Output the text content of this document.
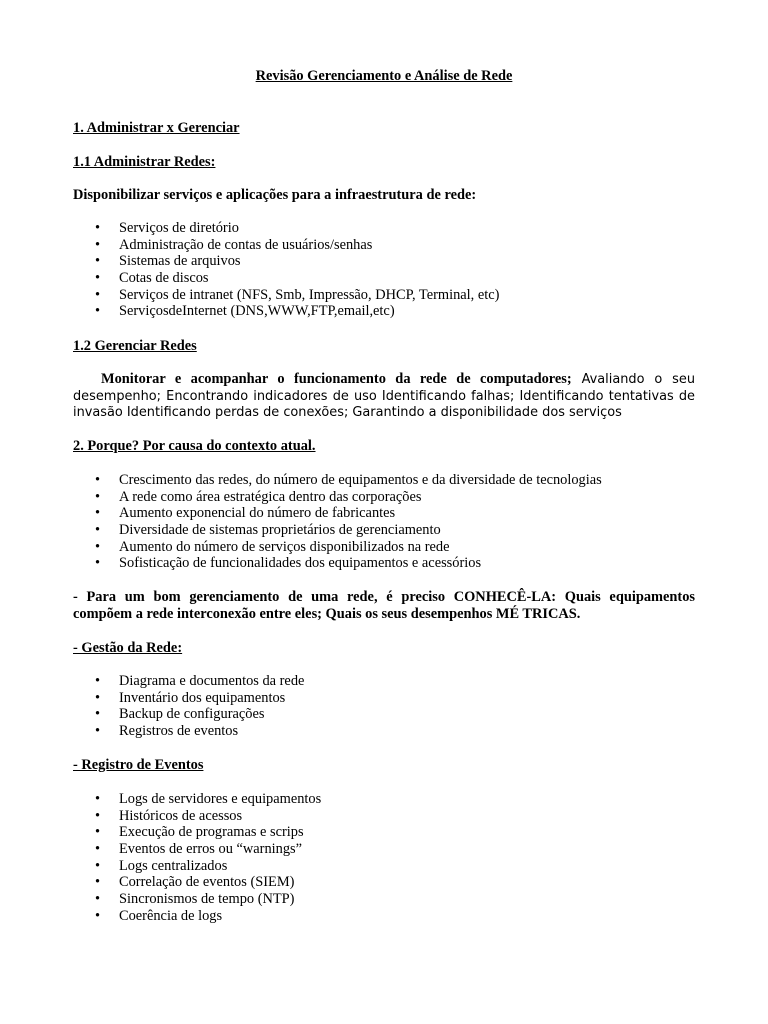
Revisão Gerenciamento e Análise de Rede
1. Administrar x Gerenciar
1.1 Administrar Redes:
Disponibilizar serviços e aplicações para a infraestrutura de rede:
• Serviços de diretório
• Administração de contas de usuários/senhas
• Sistemas de arquivos
• Cotas de discos
• Serviços de intranet (NFS, Smb, Impressão, DHCP, Terminal, etc)
• ServiçosdeInternet (DNS,WWW,FTP,email,etc)
1.2 Gerenciar Redes
Monitorar e acompanhar o funcionamento da rede de computadores; Avaliando o seu desempenho; Encontrando indicadores de uso Identificando falhas; Identificando tentativas de invasão Identificando perdas de conexões; Garantindo a disponibilidade dos serviços
2. Porque? Por causa do contexto atual.
• Crescimento das redes, do número de equipamentos e da diversidade de tecnologias
• A rede como área estratégica dentro das corporações
• Aumento exponencial do número de fabricantes
• Diversidade de sistemas proprietários de gerenciamento
• Aumento do número de serviços disponibilizados na rede
• Sofisticação de funcionalidades dos equipamentos e acessórios
- Para um bom gerenciamento de uma rede, é preciso CONHECÊ-LA: Quais equipamentos compõem a rede interconexão entre eles; Quais os seus desempenhos MÉ TRICAS.
- Gestão da Rede:
• Diagrama e documentos da rede
• Inventário dos equipamentos
• Backup de configurações
• Registros de eventos
- Registro de Eventos
• Logs de servidores e equipamentos
• Históricos de acessos
• Execução de programas e scrips
• Eventos de erros ou “warnings”
• Logs centralizados
• Correlação de eventos (SIEM)
• Sincronismos de tempo (NTP)
• Coerência de logs
